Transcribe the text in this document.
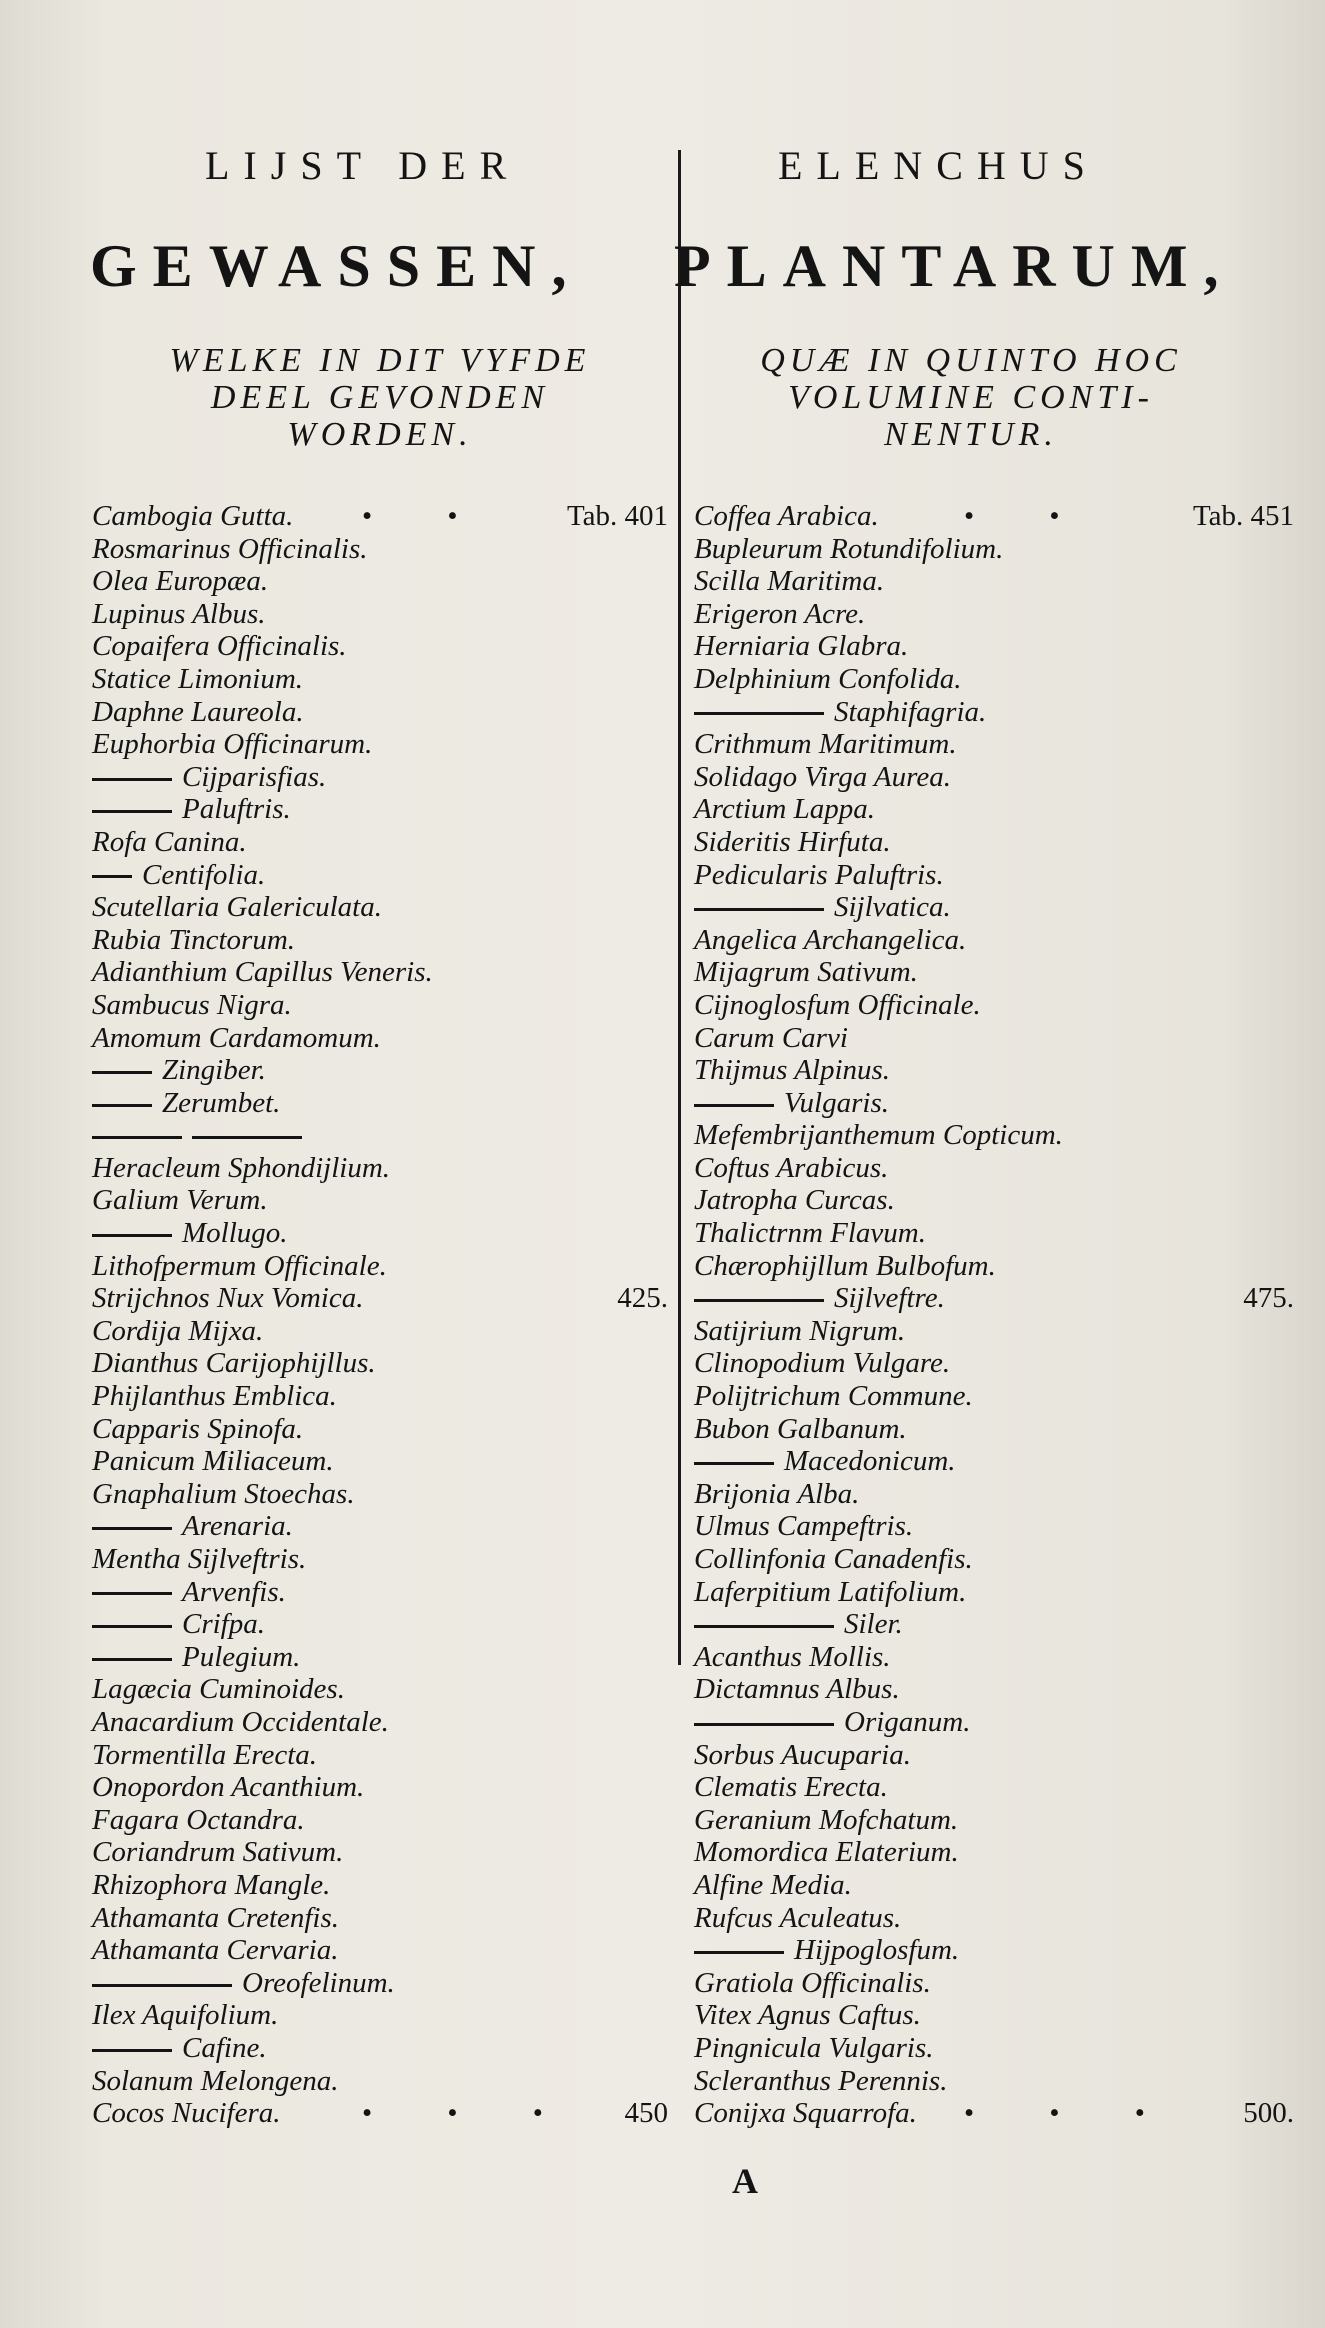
LIJST DER
GEWASSEN,
WELKE IN DIT VYFDE
DEEL GEVONDEN
WORDEN.
Cambogia Gutta. • •	Tab. 401
Rosmarinus Officinalis.
Olea Europæa.
Lupinus Albus.
Copaifera Officinalis.
Statice Limonium.
Daphne Laureola.
Euphorbia Officinarum.
Cijparisfias.
Paluftris.
Rofa Canina.
Centifolia.
Scutellaria Galericulata.
Rubia Tinctorum.
Adianthium Capillus Veneris.
Sambucus Nigra.
Amomum Cardamomum.
Zingiber.
Zerumbet.
Heracleum Sphondijlium.
Galium Verum.
Mollugo.
Lithofpermum Officinale.
Strijchnos Nux Vomica.	425.
Cordija Mijxa.
Dianthus Carijophijllus.
Phijlanthus Emblica.
Capparis Spinofa.
Panicum Miliaceum.
Gnaphalium Stoechas.
Arenaria.
Mentha Sijlveftris.
Arvenfis.
Crifpa.
Pulegium.
Lagæcia Cuminoides.
Anacardium Occidentale.
Tormentilla Erecta.
Onopordon Acanthium.
Fagara Octandra.
Coriandrum Sativum.
Rhizophora Mangle.
Athamanta Cretenfis.
Athamanta Cervaria.
Oreofelinum.
Ilex Aquifolium.
Cafine.
Solanum Melongena.
Cocos Nucifera.	• • • 450
ELENCHUS
PLANTARUM,
QUÆ IN QUINTO HOC
VOLUMINE CONTI-
NENTUR.
Coffea Arabica.	• •	Tab. 451
Bupleurum Rotundifolium.
Scilla Maritima.
Erigeron Acre.
Herniaria Glabra.
Delphinium Confolida.
Staphifagria.
Crithmum Maritimum.
Solidago Virga Aurea.
Arctium Lappa.
Sideritis Hirfuta.
Pedicularis Paluftris.
Sijlvatica.
Angelica Archangelica.
Mijagrum Sativum.
Cijnoglosfum Officinale.
Carum Carvi
Thijmus Alpinus.
Vulgaris.
Mefembrijanthemum Copticum.
Coftus Arabicus.
Jatropha Curcas.
Thalictrnm Flavum.
Chærophijllum Bulbofum.
Sijlveftre.	475.
Satijrium Nigrum.
Clinopodium Vulgare.
Polijtrichum Commune.
Bubon Galbanum.
Macedonicum.
Brijonia Alba.
Ulmus Campeftris.
Collinfonia Canadenfis.
Laferpitium Latifolium.
Siler.
Acanthus Mollis.
Dictamnus Albus.
Origanum.
Sorbus Aucuparia.
Clematis Erecta.
Geranium Mofchatum.
Momordica Elaterium.
Alfine Media.
Rufcus Aculeatus.
Hijpoglosfum.
Gratiola Officinalis.
Vitex Agnus Caftus.
Pingnicula Vulgaris.
Scleranthus Perennis.
Conijxa Squarrofa. • • • 500.
A
